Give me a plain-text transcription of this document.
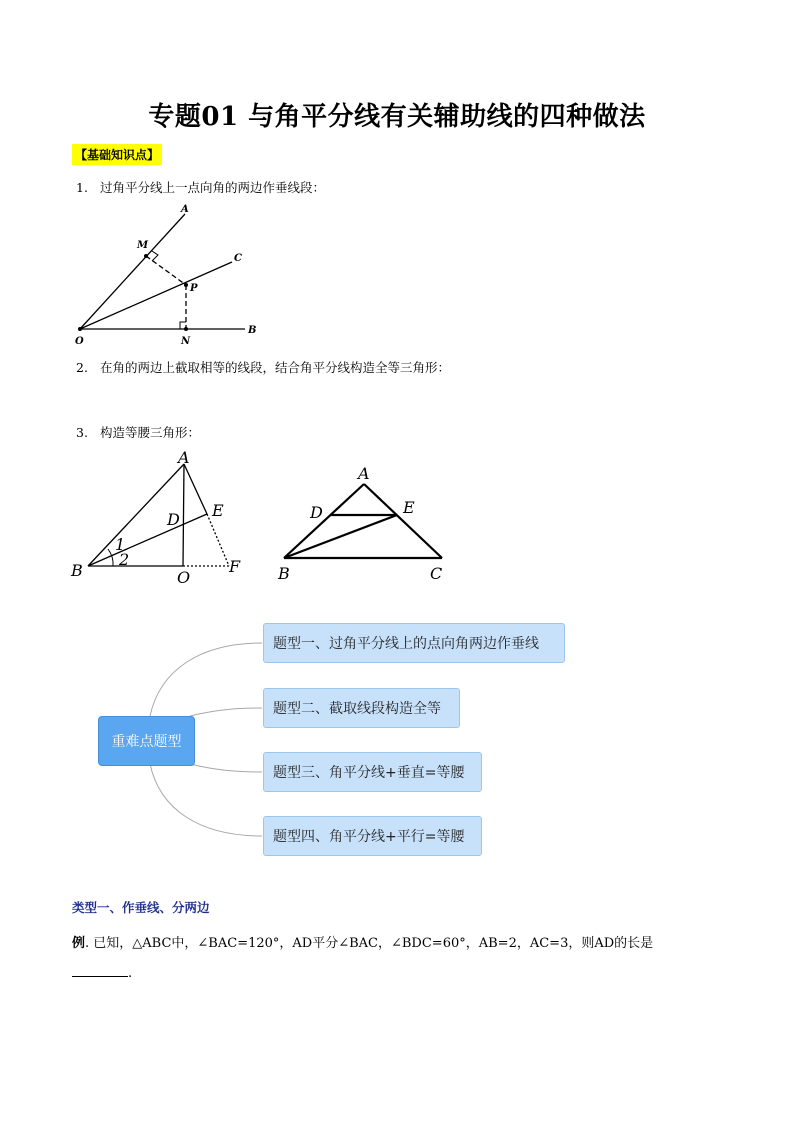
专题01 与角平分线有关辅助线的四种做法
【基础知识点】
1. 过角平分线上一点向角的两边作垂线段：
2. 在角的两边上截取相等的线段，结合角平分线构造全等三角形：
3. 构造等腰三角形：
A
M
C
P
O	N
B
A
D E
1
2
B	O
F
A
D	E
B	C
重难点题型
题型一、过角平分线上的点向角两边作垂线
题型二、截取线段构造全等
题型三、角平分线+垂直=等腰
题型四、角平分线+平行=等腰
类型一、作垂线、分两边
例. 已知，△ABC中，∠BAC=120°，AD平分∠BAC，∠BDC=60°，AB=2，AC=3，则AD的长是
.
